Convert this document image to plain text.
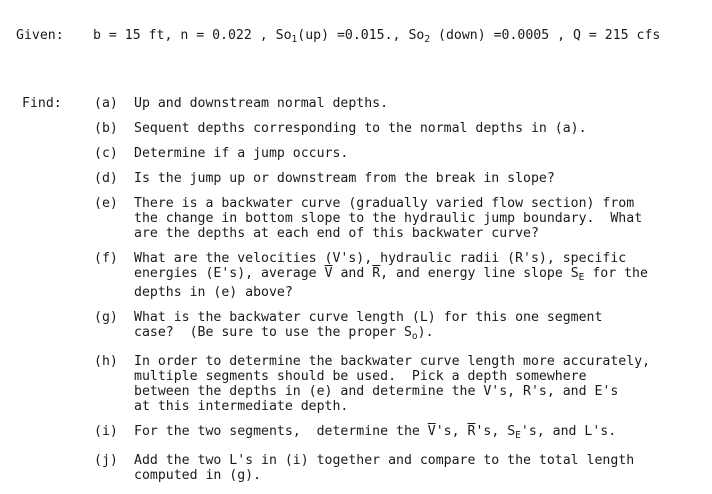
Given: b = 15 ft, n = 0.022 , $So_1(up) =0.015$., $So_2$ (down) =0.0005 , Q = 215 cfs
Find: (a)	Up and downstream normal depths.
(b)	Sequent depths corresponding to the normal depths in (a).
(c)	Determine if a jump occurs.
(d)	Is the jump up or downstream from the break in slope?
(e)	There is a backwater curve (gradually varied flow section) from
the change in bottom slope to the hydraulic jump boundary.  What
are the depths at each end of this backwater curve?
(f)	What are the velocities (V's), hydraulic radii (R's), specific
energies (E's), average $\overline{V}$ and $\overline{R}$, and energy line slope $S_E$ for the
depths in (e) above?
(g)	What is the backwater curve length (L) for this one segment
case?  (Be sure to use the proper $S_o$).
(h)	In order to determine the backwater curve length more accurately,
multiple segments should be used.  Pick a depth somewhere
between the depths in (e) and determine the V's, R's, and E's
at this intermediate depth.
(i)	For the two segments,  determine the $\overline{V}'s$, $\overline{R}'s$, $S_E's$, and L's.
(j)	Add the two L's in (i) together and compare to the total length
computed in (g).
